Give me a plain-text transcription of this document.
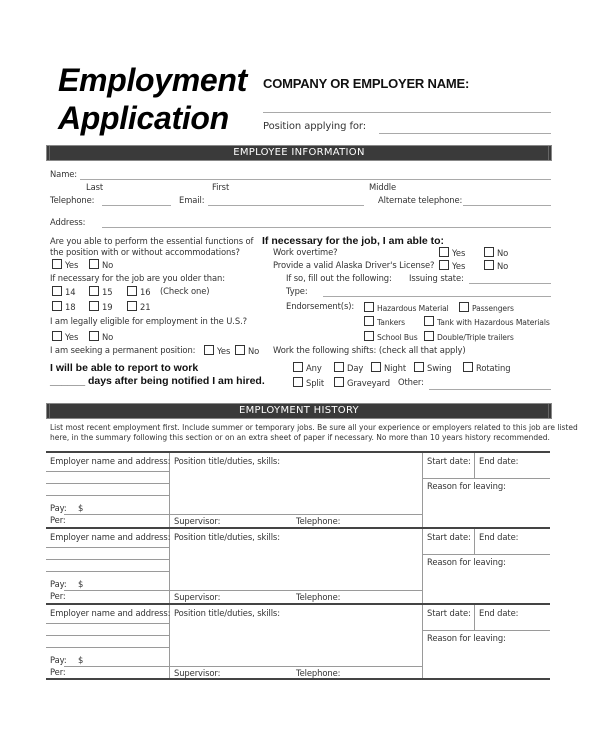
Employment
Application
COMPANY OR EMPLOYER NAME:
Position applying for:
EMPLOYEE INFORMATION
Name:
Last	First	Middle
Telephone:	Email:	Alternate telephone:
Address:
Are you able to perform the essential functions of
the position with or without accommodations?
Yes	No
If necessary for the job are you older than:
14	15	16 (Check one)
18	19	21
I am legally eligible for employment in the U.S.?
Yes	No
I am seeking a permanent position:	Yes	No
I will be able to report to work
______ days after being notified I am hired.
If necessary for the job, I am able to:
Work overtime?	Yes	No
Provide a valid Alaska Driver's License?	Yes	No
If so, fill out the following: Issuing state:
Type:
Endorsement(s):	Hazardous Material	Passengers
Tankers	Tank with Hazardous Materials
School Bus	Double/Triple trailers
Work the following shifts: (check all that apply)
Any	Day	Night	Swing	Rotating
Split	Graveyard Other:
EMPLOYMENT HISTORY
List most recent employment first. Include summer or temporary jobs. Be sure all your experience or employers related to this job are listed
here, in the summary following this section or on an extra sheet of paper if necessary. No more than 10 years history recommended.
Employer name and address: Position title/duties, skills:	Start date: End date:
Reason for leaving:
Pay: $
Per:	Supervisor:	Telephone:
Employer name and address: Position title/duties, skills:	Start date: End date:
Reason for leaving:
Pay: $
Per:	Supervisor:	Telephone:
Employer name and address: Position title/duties, skills:	Start date: End date:
Reason for leaving:
Pay: $
Per:	Supervisor:	Telephone:
